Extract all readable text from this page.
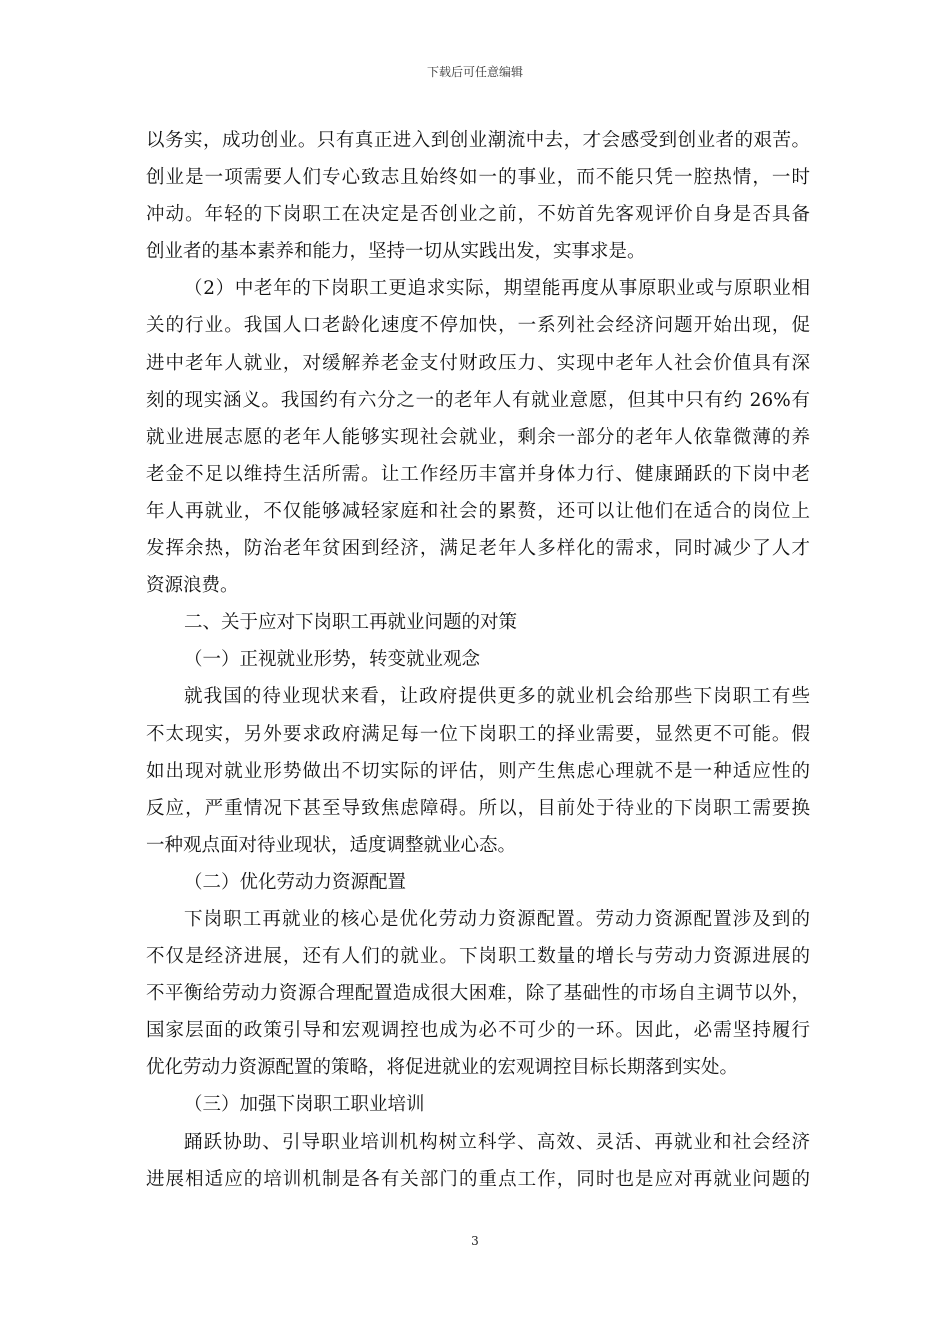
下载后可任意编辑
以务实，成功创业。只有真正进入到创业潮流中去，才会感受到创业者的艰苦。
创业是一项需要人们专心致志且始终如一的事业，而不能只凭一腔热情，一时
冲动。年轻的下岗职工在决定是否创业之前，不妨首先客观评价自身是否具备
创业者的基本素养和能力，坚持一切从实践出发，实事求是。
（2）中老年的下岗职工更追求实际，期望能再度从事原职业或与原职业相
关的行业。我国人口老龄化速度不停加快，一系列社会经济问题开始出现，促
进中老年人就业，对缓解养老金支付财政压力、实现中老年人社会价值具有深
刻的现实涵义。我国约有六分之一的老年人有就业意愿，但其中只有约 26%有
就业进展志愿的老年人能够实现社会就业，剩余一部分的老年人依靠微薄的养
老金不足以维持生活所需。让工作经历丰富并身体力行、健康踊跃的下岗中老
年人再就业，不仅能够减轻家庭和社会的累赘，还可以让他们在适合的岗位上
发挥余热，防治老年贫困到经济，满足老年人多样化的需求，同时减少了人才
资源浪费。
二、关于应对下岗职工再就业问题的对策
（一）正视就业形势，转变就业观念
就我国的待业现状来看，让政府提供更多的就业机会给那些下岗职工有些
不太现实，另外要求政府满足每一位下岗职工的择业需要，显然更不可能。假
如出现对就业形势做出不切实际的评估，则产生焦虑心理就不是一种适应性的
反应，严重情况下甚至导致焦虑障碍。所以，目前处于待业的下岗职工需要换
一种观点面对待业现状，适度调整就业心态。
（二）优化劳动力资源配置
下岗职工再就业的核心是优化劳动力资源配置。劳动力资源配置涉及到的
不仅是经济进展，还有人们的就业。下岗职工数量的增长与劳动力资源进展的
不平衡给劳动力资源合理配置造成很大困难，除了基础性的市场自主调节以外，
国家层面的政策引导和宏观调控也成为必不可少的一环。因此，必需坚持履行
优化劳动力资源配置的策略，将促进就业的宏观调控目标长期落到实处。
（三）加强下岗职工职业培训
踊跃协助、引导职业培训机构树立科学、高效、灵活、再就业和社会经济
进展相适应的培训机制是各有关部门的重点工作，同时也是应对再就业问题的
3
